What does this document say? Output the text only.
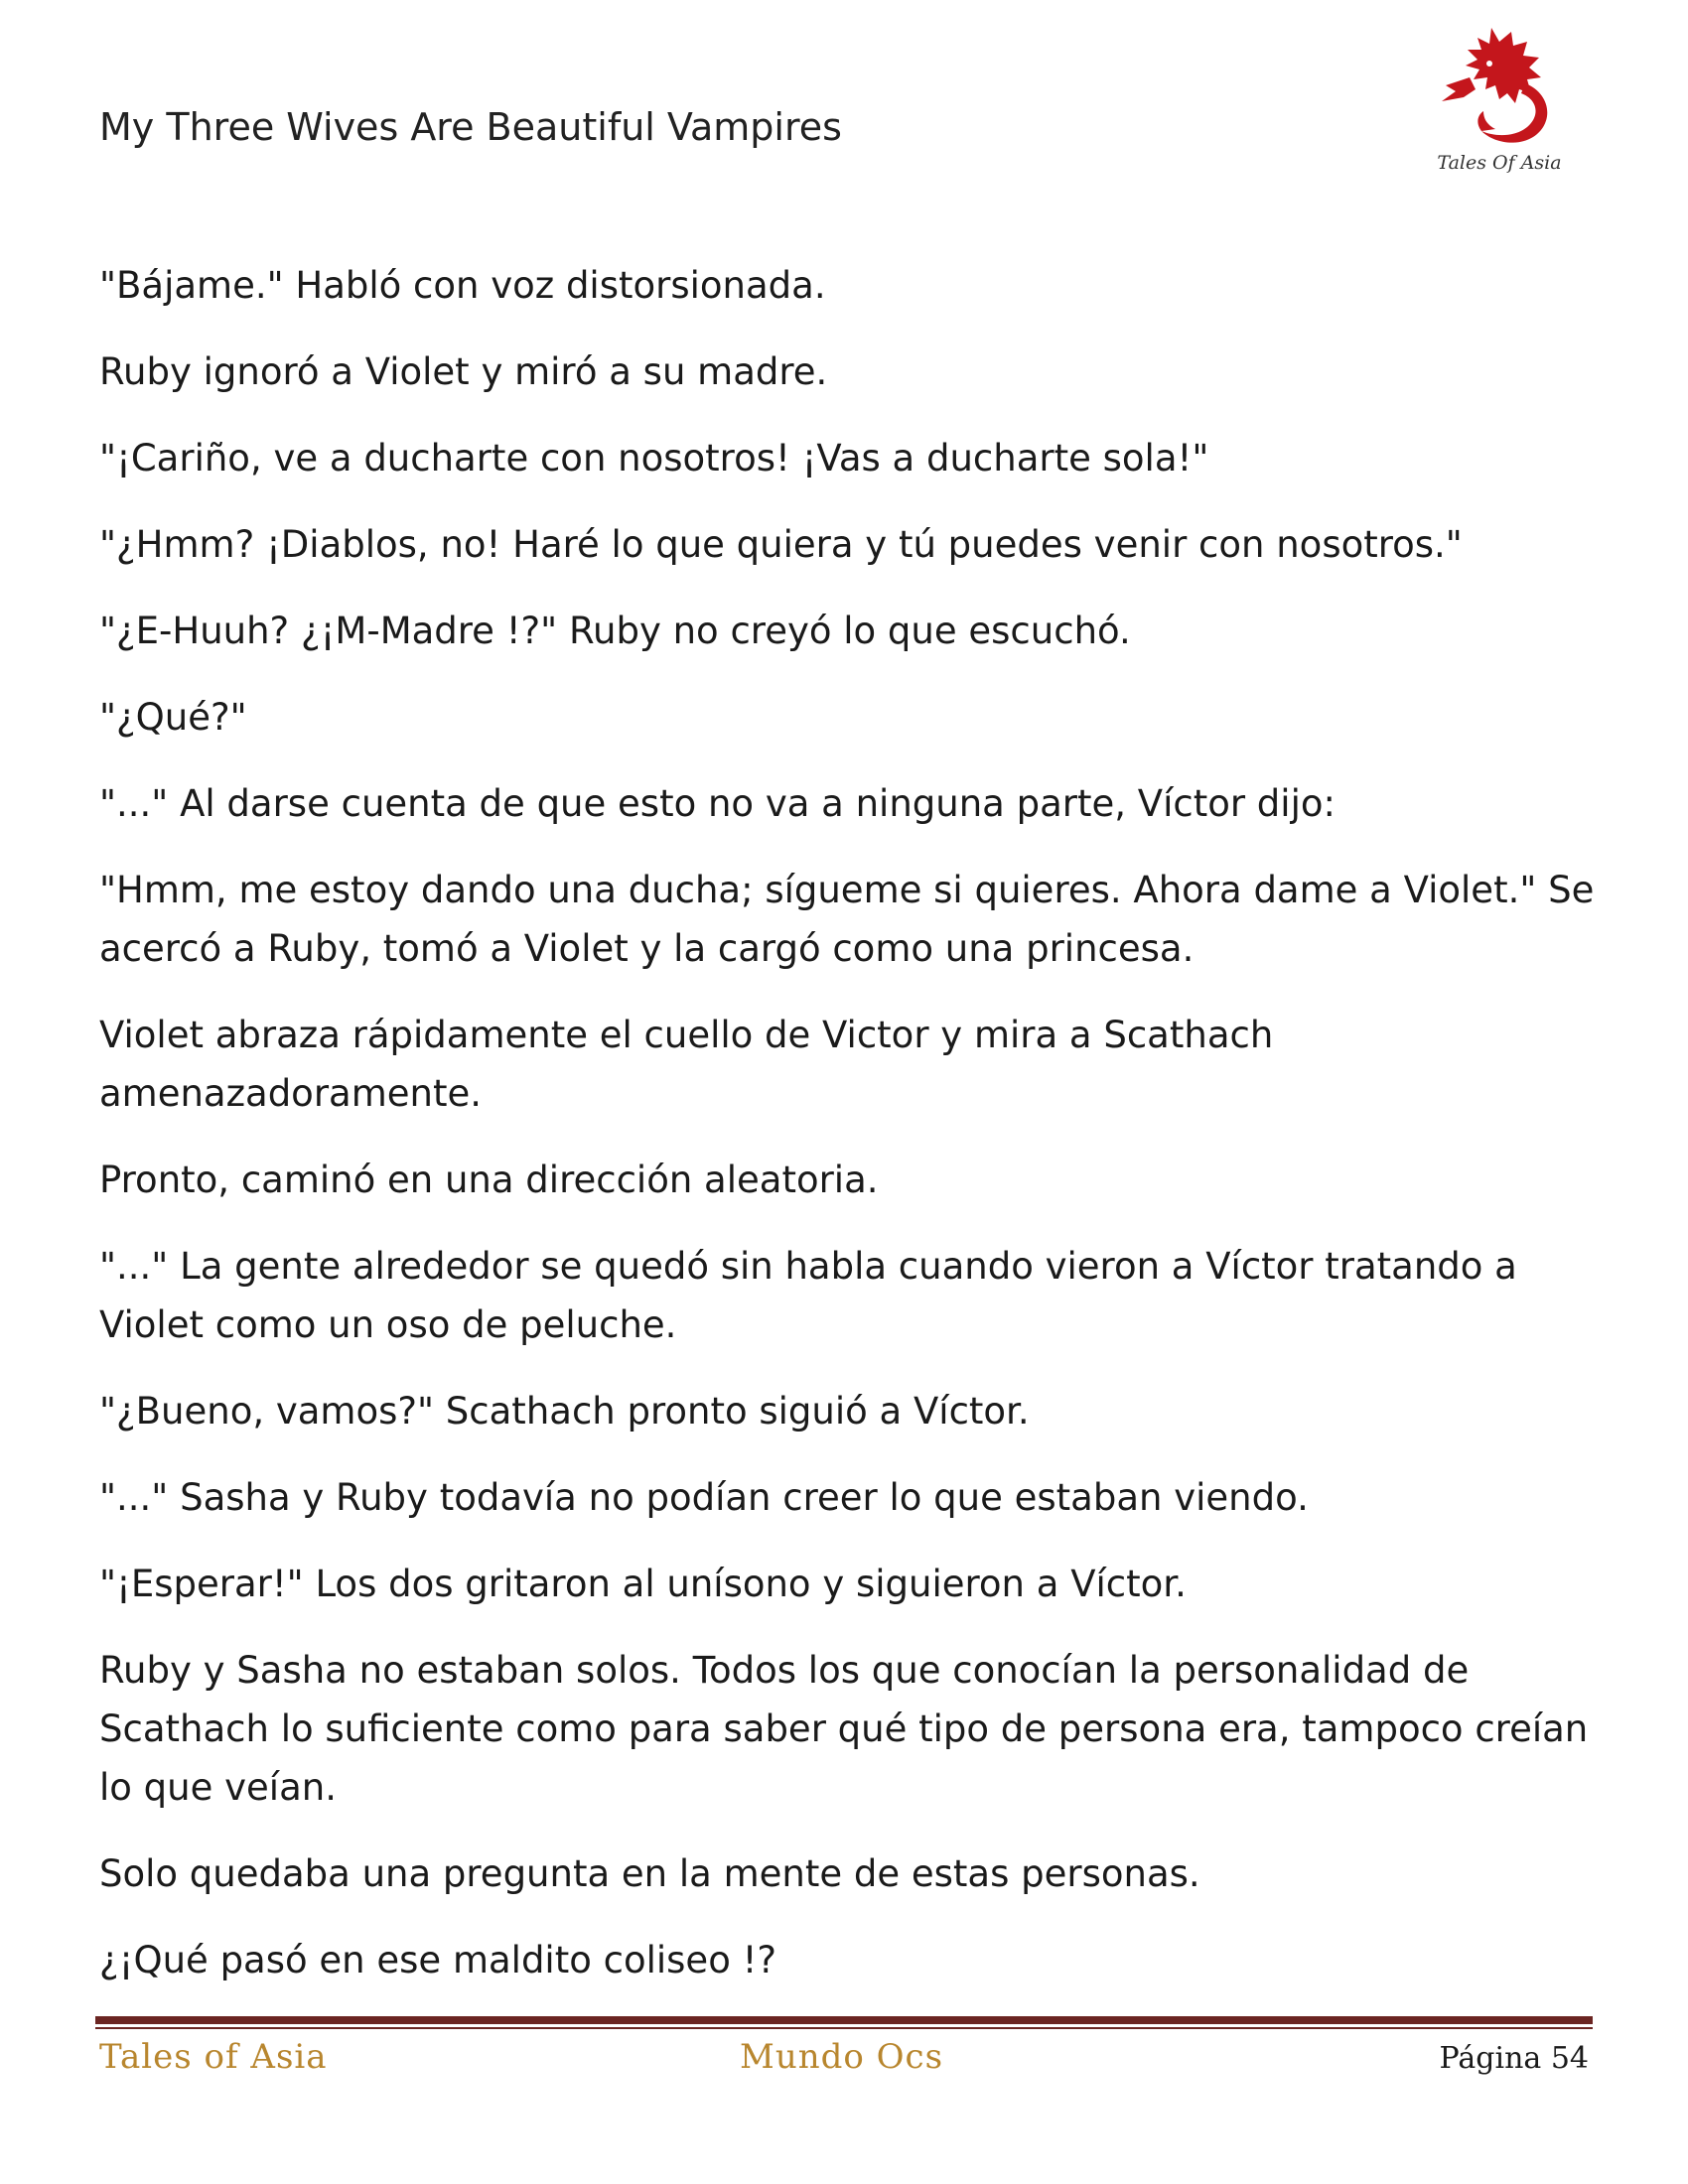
My Three Wives Are Beautiful Vampires
Tales Of Asia

"Bájame." Habló con voz distorsionada.

Ruby ignoró a Violet y miró a su madre.

"¡Cariño, ve a ducharte con nosotros! ¡Vas a ducharte sola!"

"¿Hmm? ¡Diablos, no! Haré lo que quiera y tú puedes venir con nosotros."

"¿E-Huuh? ¿¡M-Madre !?" Ruby no creyó lo que escuchó.

"¿Qué?"

"..." Al darse cuenta de que esto no va a ninguna parte, Víctor dijo:

"Hmm, me estoy dando una ducha; sígueme si quieres. Ahora dame a Violet." Se acercó a Ruby, tomó a Violet y la cargó como una princesa.

Violet abraza rápidamente el cuello de Victor y mira a Scathach amenazadoramente.

Pronto, caminó en una dirección aleatoria.

"..." La gente alrededor se quedó sin habla cuando vieron a Víctor tratando a Violet como un oso de peluche.

"¿Bueno, vamos?" Scathach pronto siguió a Víctor.

"..." Sasha y Ruby todavía no podían creer lo que estaban viendo.

"¡Esperar!" Los dos gritaron al unísono y siguieron a Víctor.

Ruby y Sasha no estaban solos. Todos los que conocían la personalidad de Scathach lo suficiente como para saber qué tipo de persona era, tampoco creían lo que veían.

Solo quedaba una pregunta en la mente de estas personas.

¿¡Qué pasó en ese maldito coliseo !?

Tales of Asia	Mundo Ocs	Página 54
